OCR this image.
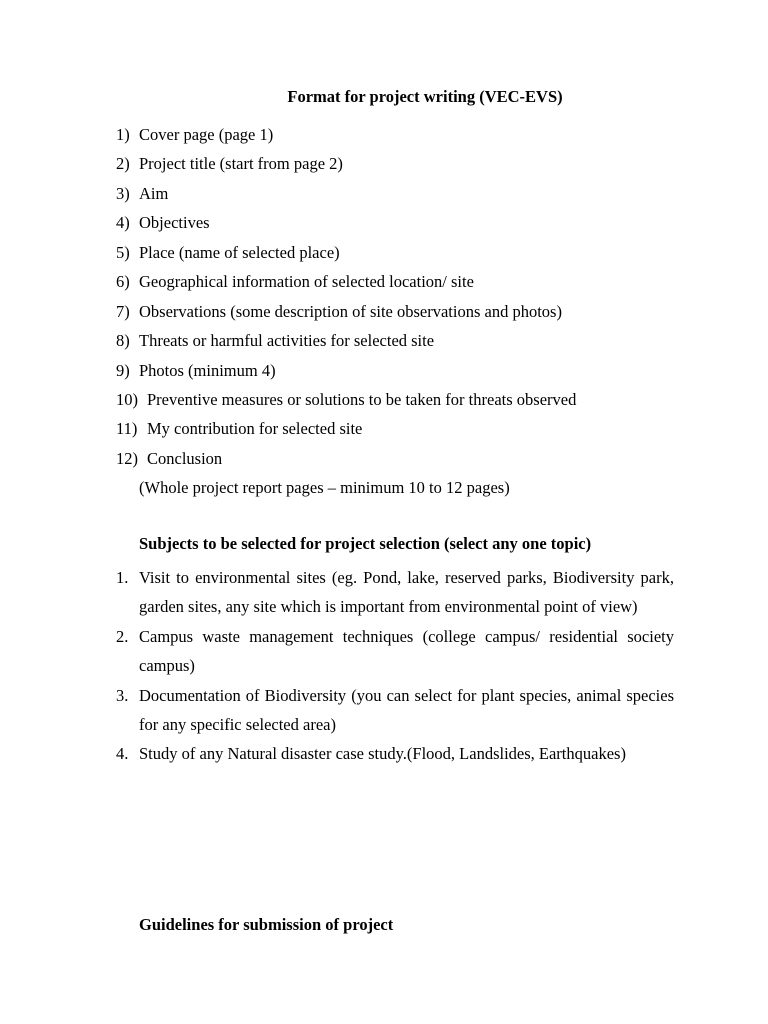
Format for project writing (VEC-EVS)
1) Cover page (page 1)
2) Project title (start from page 2)
3) Aim
4) Objectives
5) Place (name of selected place)
6) Geographical information of selected location/ site
7) Observations (some description of site observations and photos)
8) Threats or harmful activities for selected site
9) Photos (minimum 4)
10) Preventive measures or solutions to be taken for threats observed
11) My contribution for selected site
12) Conclusion
(Whole project report pages – minimum 10 to 12 pages)
Subjects to be selected for project selection (select any one topic)
1. Visit to environmental sites (eg. Pond, lake, reserved parks, Biodiversity park, garden sites, any site which is important from environmental point of view)
2. Campus waste management techniques (college campus/ residential society campus)
3. Documentation of Biodiversity (you can select for plant species, animal species for any specific selected area)
4. Study of any Natural disaster case study.(Flood, Landslides, Earthquakes)
Guidelines for submission of project
